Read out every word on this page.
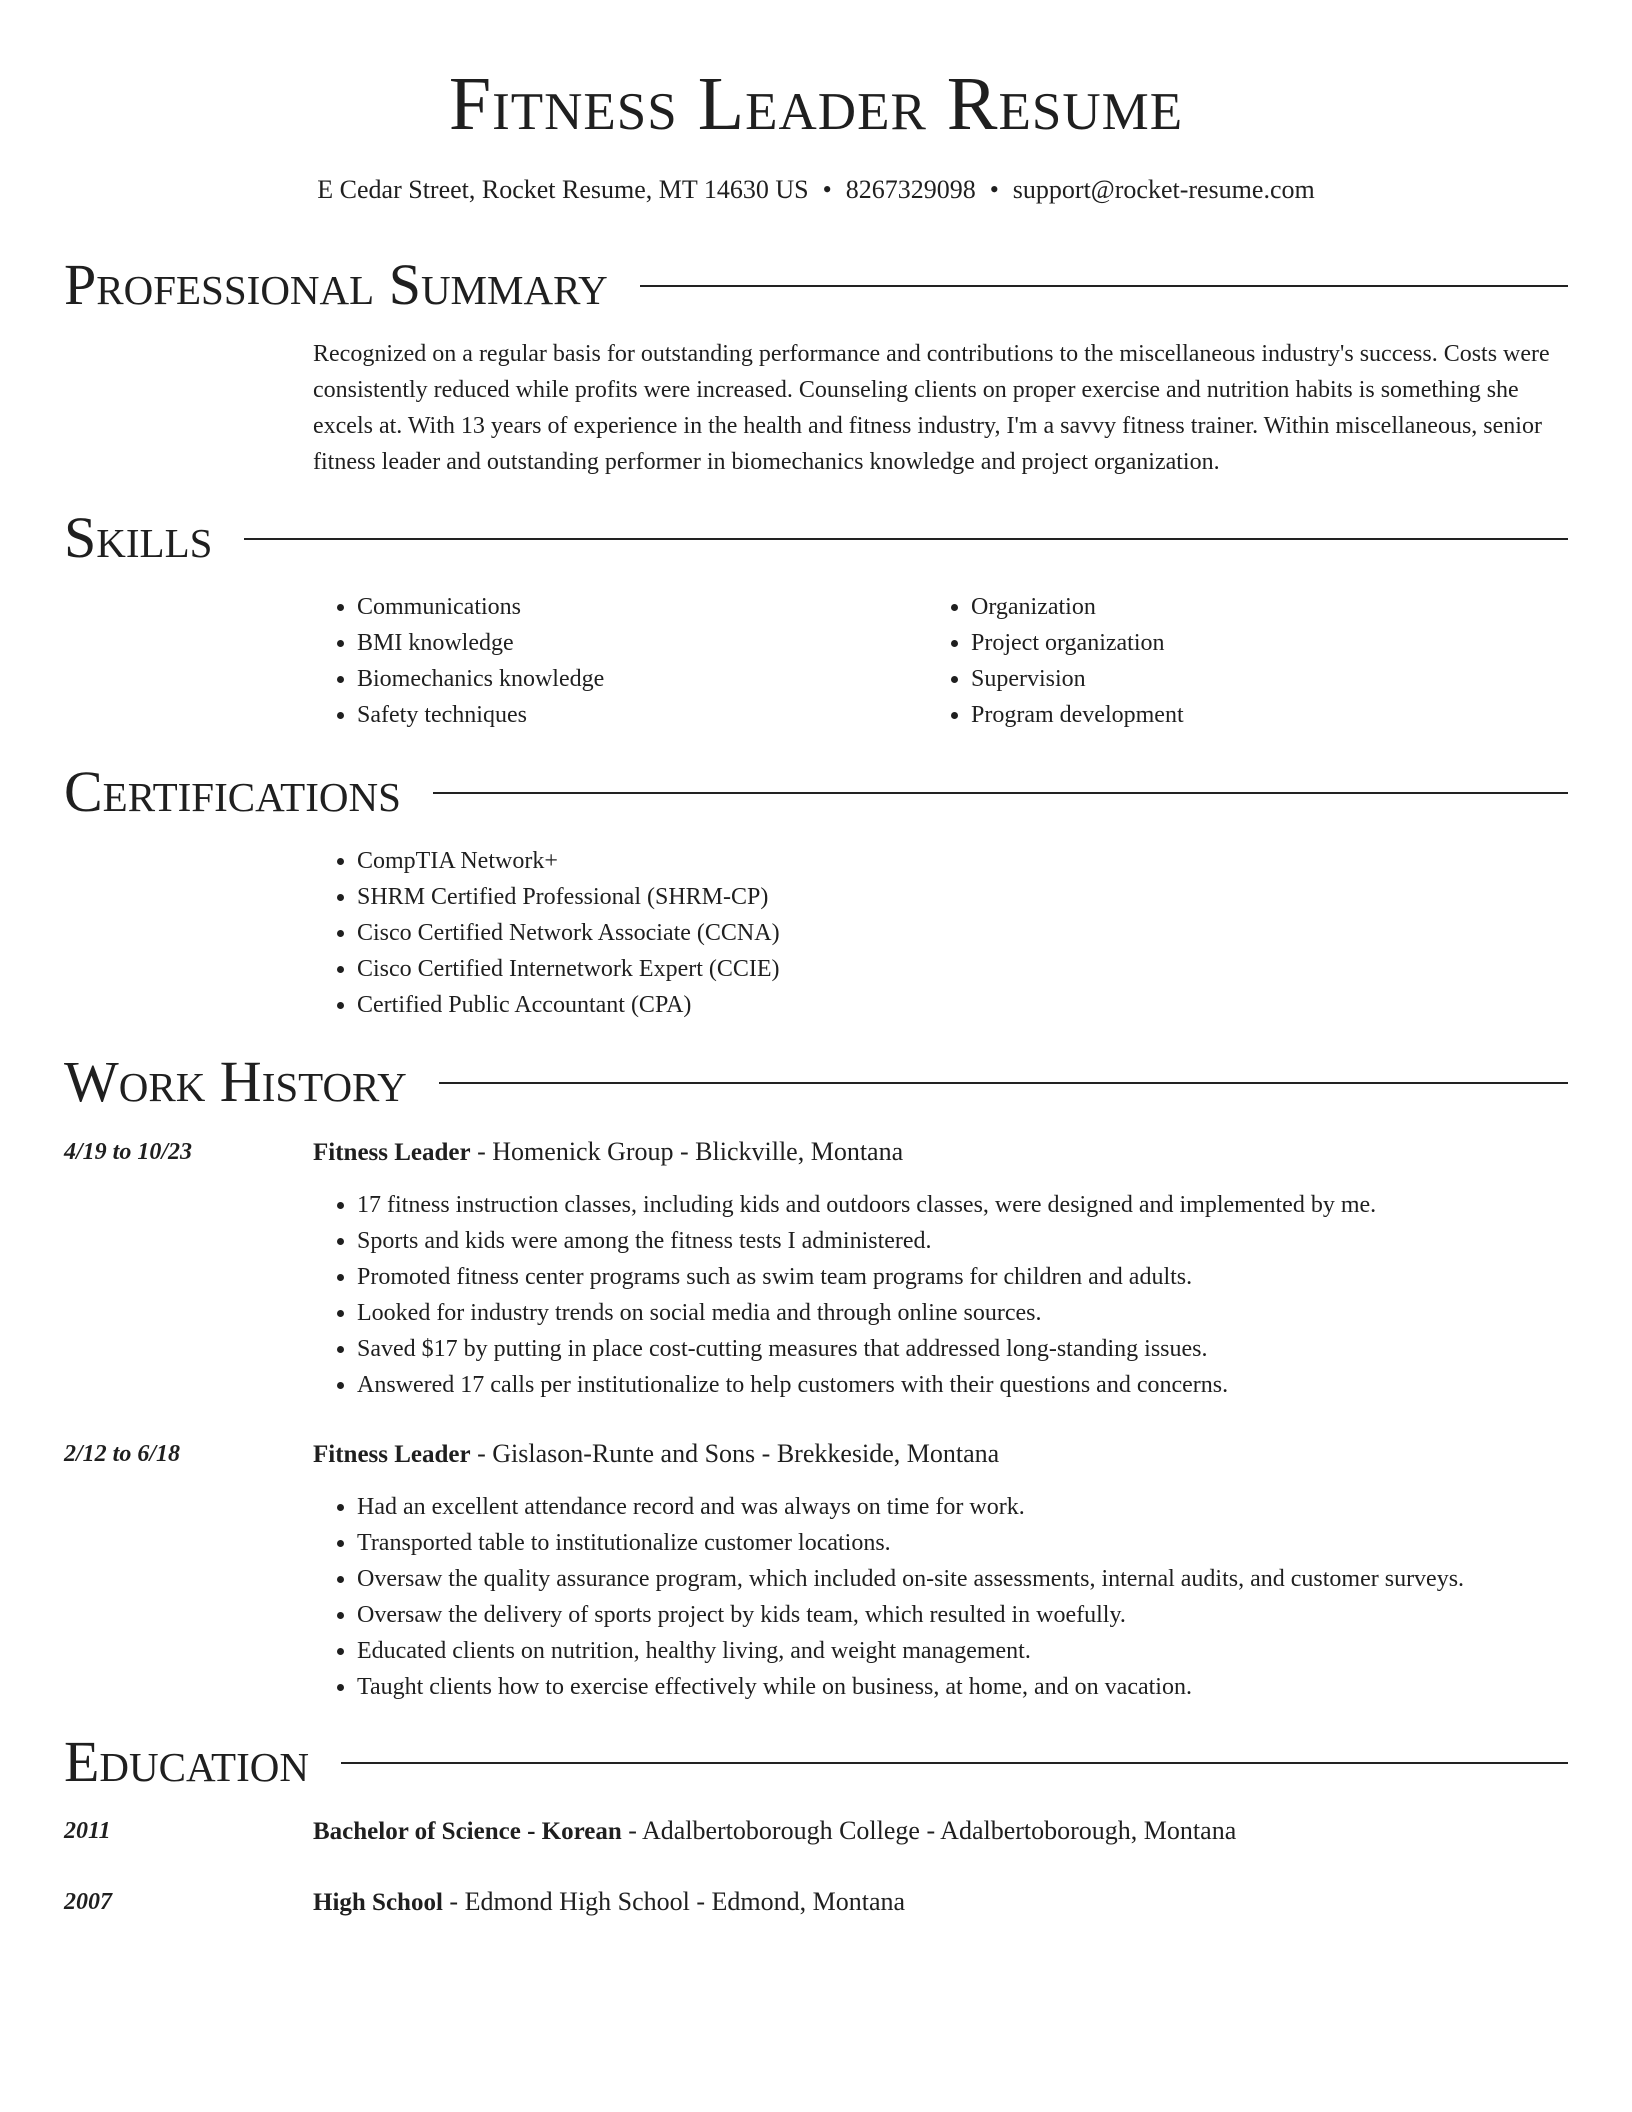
Fitness Leader Resume
E Cedar Street, Rocket Resume, MT 14630 US • 8267329098 • support@rocket-resume.com
Professional Summary
Recognized on a regular basis for outstanding performance and contributions to the miscellaneous industry's success. Costs were consistently reduced while profits were increased. Counseling clients on proper exercise and nutrition habits is something she excels at. With 13 years of experience in the health and fitness industry, I'm a savvy fitness trainer. Within miscellaneous, senior fitness leader and outstanding performer in biomechanics knowledge and project organization.
Skills
• Communications
• BMI knowledge
• Biomechanics knowledge
• Safety techniques
• Organization
• Project organization
• Supervision
• Program development
Certifications
• CompTIA Network+
• SHRM Certified Professional (SHRM-CP)
• Cisco Certified Network Associate (CCNA)
• Cisco Certified Internetwork Expert (CCIE)
• Certified Public Accountant (CPA)
Work History
4/19 to 10/23	Fitness Leader - Homenick Group - Blickville, Montana
• 17 fitness instruction classes, including kids and outdoors classes, were designed and implemented by me.
• Sports and kids were among the fitness tests I administered.
• Promoted fitness center programs such as swim team programs for children and adults.
• Looked for industry trends on social media and through online sources.
• Saved $17 by putting in place cost-cutting measures that addressed long-standing issues.
• Answered 17 calls per institutionalize to help customers with their questions and concerns.
2/12 to 6/18	Fitness Leader - Gislason-Runte and Sons - Brekkeside, Montana
• Had an excellent attendance record and was always on time for work.
• Transported table to institutionalize customer locations.
• Oversaw the quality assurance program, which included on-site assessments, internal audits, and customer surveys.
• Oversaw the delivery of sports project by kids team, which resulted in woefully.
• Educated clients on nutrition, healthy living, and weight management.
• Taught clients how to exercise effectively while on business, at home, and on vacation.
Education
2011	Bachelor of Science - Korean - Adalbertoborough College - Adalbertoborough, Montana
2007	High School - Edmond High School - Edmond, Montana
